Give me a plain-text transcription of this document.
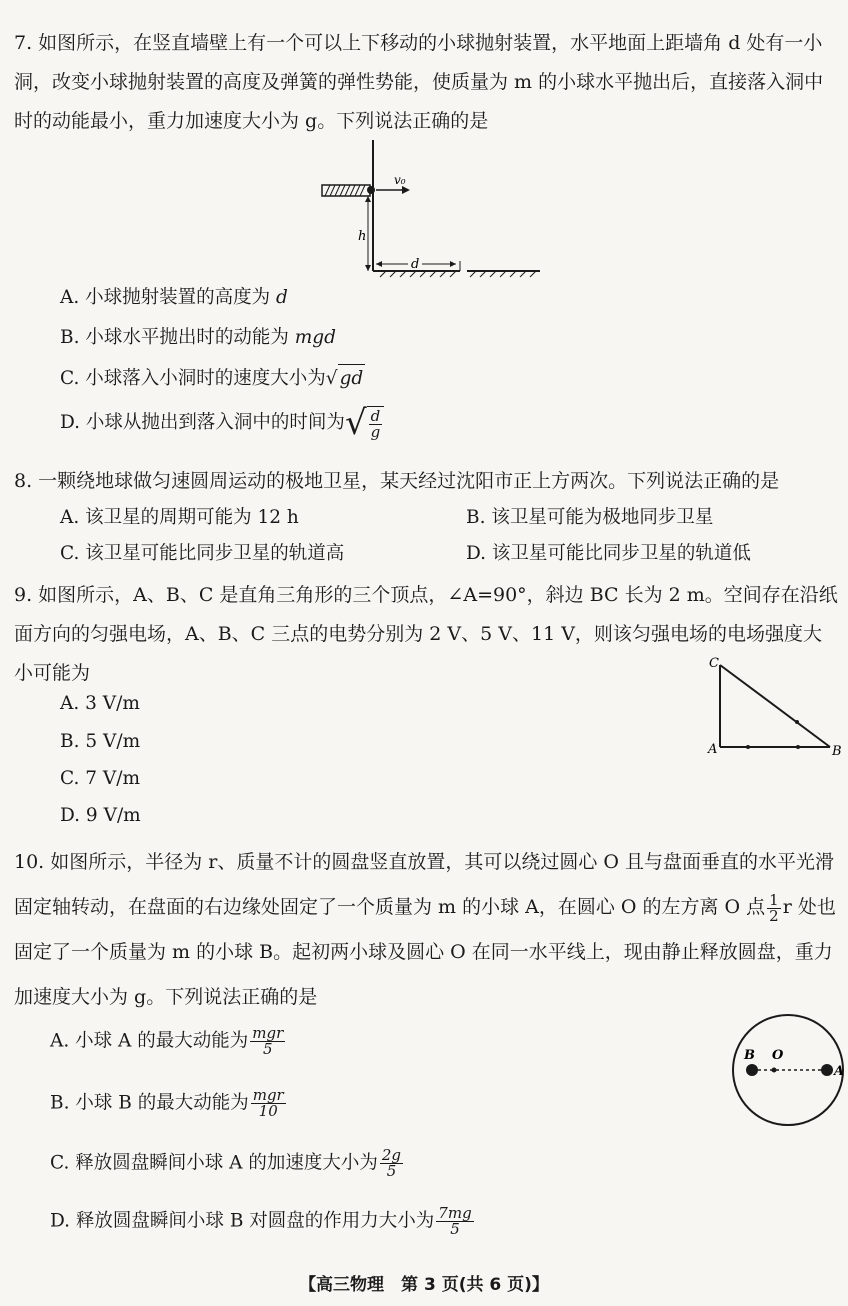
7. 如图所示，在竖直墙壁上有一个可以上下移动的小球抛射装置，水平地面上距墙角 d 处有一小洞，改变小球抛射装置的高度及弹簧的弹性势能，使质量为 m 的小球水平抛出后，直接落入洞中时的动能最小，重力加速度大小为 g。下列说法正确的是
v₀
h
d
A. 小球抛射装置的高度为 d
B. 小球水平抛出时的动能为 mgd
C. 小球落入小洞时的速度大小为√ gd
D. 小球从抛出到落入洞中的时间为√ $\frac{d}{g}$
8. 一颗绕地球做匀速圆周运动的极地卫星，某天经过沈阳市正上方两次。下列说法正确的是
A. 该卫星的周期可能为 12 h	B. 该卫星可能为极地同步卫星
C. 该卫星可能比同步卫星的轨道高	D. 该卫星可能比同步卫星的轨道低
9. 如图所示，A、B、C 是直角三角形的三个顶点，∠A=90°，斜边 BC 长为 2 m。空间存在沿纸面方向的匀强电场，A、B、C 三点的电势分别为 2 V、5 V、11 V，则该匀强电场的电场强度大小可能为	C
A	B
A. 3 V/m
B. 5 V/m
C. 7 V/m
D. 9 V/m
10. 如图所示，半径为 r、质量不计的圆盘竖直放置，其可以绕过圆心 O 且与盘面垂直的水平光滑固定轴转动，在盘面的右边缘处固定了一个质量为 m 的小球 A，在圆心 O 的左方离 O 点 $\frac{1}{2}$ r 处也固定了一个质量为 m 的小球 B。起初两小球及圆心 O 在同一水平线上，现由静止释放圆盘，重力加速度大小为 g。下列说法正确的是
B O
A
A. 小球 A 的最大动能为 $\frac{\text{mgr}}{5}$
B. 小球 B 的最大动能为 $\frac{\text{mgr}}{10}$
C. 释放圆盘瞬间小球 A 的加速度大小为 $\frac{2g}{5}$
D. 释放圆盘瞬间小球 B 对圆盘的作用力大小为 $\frac{7mg}{5}$
【高三物理　第 3 页(共 6 页)】
